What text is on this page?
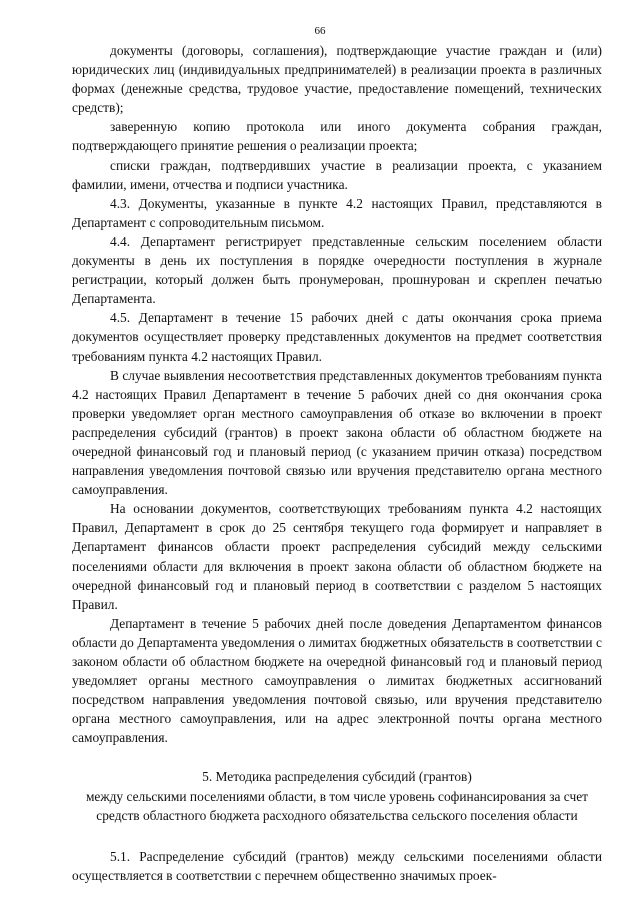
66

документы (договоры, соглашения), подтверждающие участие граждан и (или) юридических лиц (индивидуальных предпринимателей) в реализации проекта в различных формах (денежные средства, трудовое участие, предоставление помещений, технических средств);

заверенную копию протокола или иного документа собрания граждан, подтверждающего принятие решения о реализации проекта;

списки граждан, подтвердивших участие в реализации проекта, с указанием фамилии, имени, отчества и подписи участника.

4.3. Документы, указанные в пункте 4.2 настоящих Правил, представляются в Департамент с сопроводительным письмом.

4.4. Департамент регистрирует представленные сельским поселением области документы в день их поступления в порядке очередности поступления в журнале регистрации, который должен быть пронумерован, прошнурован и скреплен печатью Департамента.

4.5. Департамент в течение 15 рабочих дней с даты окончания срока приема документов осуществляет проверку представленных документов на предмет соответствия требованиям пункта 4.2 настоящих Правил.

В случае выявления несоответствия представленных документов требованиям пункта 4.2 настоящих Правил Департамент в течение 5 рабочих дней со дня окончания срока проверки уведомляет орган местного самоуправления об отказе во включении в проект распределения субсидий (грантов) в проект закона области об областном бюджете на очередной финансовый год и плановый период (с указанием причин отказа) посредством направления уведомления почтовой связью или вручения представителю органа местного самоуправления.

На основании документов, соответствующих требованиям пункта 4.2 настоящих Правил, Департамент в срок до 25 сентября текущего года формирует и направляет в Департамент финансов области проект распределения субсидий между сельскими поселениями области для включения в проект закона области об областном бюджете на очередной финансовый год и плановый период в соответствии с разделом 5 настоящих Правил.

Департамент в течение 5 рабочих дней после доведения Департаментом финансов области до Департамента уведомления о лимитах бюджетных обязательств в соответствии с законом области об областном бюджете на очередной финансовый год и плановый период уведомляет органы местного самоуправления о лимитах бюджетных ассигнований посредством направления уведомления почтовой связью, или вручения представителю органа местного самоуправления, или на адрес электронной почты органа местного самоуправления.

5. Методика распределения субсидий (грантов)
между сельскими поселениями области, в том числе уровень софинансирования за счет средств областного бюджета расходного обязательства сельского поселения области

5.1. Распределение субсидий (грантов) между сельскими поселениями области осуществляется в соответствии с перечнем общественно значимых проек-
